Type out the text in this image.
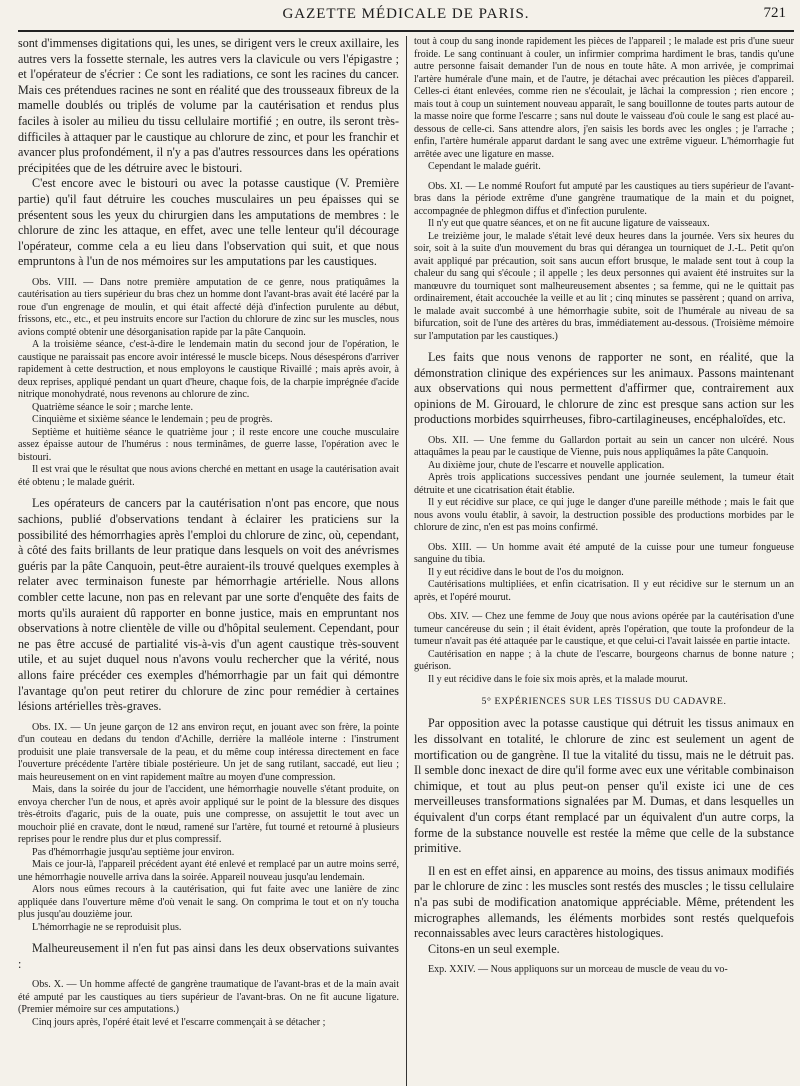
GAZETTE MÉDICALE DE PARIS.	721

sont d'immenses digitations qui, les unes, se dirigent vers le creux axillaire, les autres vers la fossette sternale, les autres vers la clavicule ou vers l'épigastre ; et l'opérateur de s'écrier : Ce sont les radiations, ce sont les racines du cancer. Mais ces prétendues racines ne sont en réalité que des trousseaux fibreux de la mamelle doublés ou triplés de volume par la cautérisation et rendus plus faciles à isoler au milieu du tissu cellulaire mortifié ; en outre, ils seront très-difficiles à attaquer par le caustique au chlorure de zinc, et pour les franchir et avancer plus profondément, il n'y a pas d'autres ressources dans les opérations précipitées que de les détruire avec le bistouri.

C'est encore avec le bistouri ou avec la potasse caustique (V. Première partie) qu'il faut détruire les couches musculaires un peu épaisses qui se présentent sous les yeux du chirurgien dans les amputations de membres : le chlorure de zinc les attaque, en effet, avec une telle lenteur qu'il décourage l'opérateur, comme cela a eu lieu dans l'observation qui suit, et que nous empruntons à l'un de nos mémoires sur les amputations par les caustiques.

Obs. VIII. — Dans notre première amputation de ce genre, nous pratiquâmes la cautérisation au tiers supérieur du bras chez un homme dont l'avant-bras avait été lacéré par la roue d'un engrenage de moulin, et qui était affecté déjà d'infection purulente au début, frissons, etc., etc., et peu instruits encore sur l'action du chlorure de zinc sur les muscles, nous avions compté obtenir une désorganisation rapide par la pâte Canquoin.

A la troisième séance, c'est-à-dire le lendemain matin du second jour de l'opération, le caustique ne paraissait pas encore avoir intéressé le muscle biceps. Nous désespérons d'arriver rapidement à cette destruction, et nous employons le caustique Rivaillé ; mais après avoir, à deux reprises, appliqué pendant un quart d'heure, chaque fois, de la charpie imprégnée d'acide nitrique monohydraté, nous revenons au chlorure de zinc.

Quatrième séance le soir ; marche lente.

Cinquième et sixième séance le lendemain ; peu de progrès.

Septième et huitième séance le quatrième jour ; il reste encore une couche musculaire assez épaisse autour de l'humérus : nous terminâmes, de guerre lasse, l'opération avec le bistouri.

Il est vrai que le résultat que nous avions cherché en mettant en usage la cautérisation avait été obtenu ; le malade guérit.

Les opérateurs de cancers par la cautérisation n'ont pas encore, que nous sachions, publié d'observations tendant à éclairer les praticiens sur la possibilité des hémorrhagies après l'emploi du chlorure de zinc, où, cependant, à côté des faits brillants de leur pratique dans lesquels on voit des anévrismes guéris par la pâte Canquoin, peut-être auraient-ils trouvé quelques exemples à relater avec terminaison funeste par hémorrhagie artérielle. Nous allons combler cette lacune, non pas en relevant par une sorte d'enquête des faits de morts qu'ils auraient dû rapporter en bonne justice, mais en empruntant nos observations à notre clientèle de ville ou d'hôpital seulement. Cependant, pour ne pas être accusé de partialité vis-à-vis d'un agent caustique très-souvent utile, et au sujet duquel nous n'avons voulu rechercher que la vérité, nous allons faire précéder ces exemples d'hémorrhagie par un fait qui démontre l'avantage qu'on peut retirer du chlorure de zinc pour remédier à certaines lésions artérielles très-graves.

Obs. IX. — Un jeune garçon de 12 ans environ reçut, en jouant avec son frère, la pointe d'un couteau en dedans du tendon d'Achille, derrière la malléole interne : l'instrument produisit une plaie transversale de la peau, et du même coup intéressa directement en face l'ouverture précédente l'artère tibiale postérieure. Un jet de sang rutilant, saccadé, eut lieu ; mais heureusement on en vint rapidement maître au moyen d'une compression.

Mais, dans la soirée du jour de l'accident, une hémorrhagie nouvelle s'étant produite, on envoya chercher l'un de nous, et après avoir appliqué sur le point de la blessure des disques très-étroits d'agaric, puis de la ouate, puis une compresse, on assujettit le tout avec un mouchoir plié en cravate, dont le nœud, ramené sur l'artère, fut tourné et retourné à plusieurs reprises pour le rendre plus dur et plus compressif.

Pas d'hémorrhagie jusqu'au septième jour environ.

Mais ce jour-là, l'appareil précédent ayant été enlevé et remplacé par un autre moins serré, une hémorrhagie nouvelle arriva dans la soirée. Appareil nouveau jusqu'au lendemain.

Alors nous eûmes recours à la cautérisation, qui fut faite avec une lanière de zinc appliquée dans l'ouverture même d'où venait le sang. On comprima le tout et on n'y toucha plus jusqu'au douzième jour.

L'hémorrhagie ne se reproduisit plus.

Malheureusement il n'en fut pas ainsi dans les deux observations suivantes :

Obs. X. — Un homme affecté de gangrène traumatique de l'avant-bras et de la main avait été amputé par les caustiques au tiers supérieur de l'avant-bras. On ne fit aucune ligature. (Premier mémoire sur ces amputations.)

Cinq jours après, l'opéré était levé et l'escarre commençait à se détacher ;

tout à coup du sang inonde rapidement les pièces de l'appareil ; le malade est pris d'une sueur froide. Le sang continuant à couler, un infirmier comprima hardiment le bras, tandis qu'une autre personne faisait demander l'un de nous en toute hâte. A mon arrivée, je comprimai l'artère humérale d'une main, et de l'autre, je détachai avec précaution les pièces d'appareil. Celles-ci étant enlevées, comme rien ne s'écoulait, je lâchai la compression ; rien encore ; mais tout à coup un suintement nouveau apparaît, le sang bouillonne de toutes parts autour de la masse noire que forme l'escarre ; sans nul doute le vaisseau d'où coule le sang est placé au-dessous de celle-ci. Sans attendre alors, j'en saisis les bords avec les ongles ; je l'arrache ; enfin, l'artère humérale apparut dardant le sang avec une extrême vigueur. L'hémorrhagie fut arrêtée avec une ligature en masse.

Cependant le malade guérit.

Obs. XI. — Le nommé Roufort fut amputé par les caustiques au tiers supérieur de l'avant-bras dans la période extrême d'une gangrène traumatique de la main et du poignet, accompagnée de phlegmon diffus et d'infection purulente.

Il n'y eut que quatre séances, et on ne fit aucune ligature de vaisseaux.

Le treizième jour, le malade s'était levé deux heures dans la journée. Vers six heures du soir, soit à la suite d'un mouvement du bras qui dérangea un tourniquet de J.-L. Petit qu'on avait appliqué par précaution, soit sans aucun effort brusque, le malade sent tout à coup la chaleur du sang qui s'écoule ; il appelle ; les deux personnes qui avaient été instruites sur la manœuvre du tourniquet sont malheureusement absentes ; sa femme, qui ne le quittait pas ordinairement, était accouchée la veille et au lit ; cinq minutes se passèrent ; quand on arriva, le malade avait succombé à une hémorrhagie subite, soit de l'humérale au niveau de sa bifurcation, soit de l'une des artères du bras, immédiatement au-dessous. (Troisième mémoire sur l'amputation par les caustiques.)

Les faits que nous venons de rapporter ne sont, en réalité, que la démonstration clinique des expériences sur les animaux. Passons maintenant aux observations qui nous permettent d'affirmer que, contrairement aux opinions de M. Girouard, le chlorure de zinc est presque sans action sur les productions morbides squirrheuses, fibro-cartilagineuses, encéphaloïdes, etc.

Obs. XII. — Une femme du Gallardon portait au sein un cancer non ulcéré. Nous attaquâmes la peau par le caustique de Vienne, puis nous appliquâmes la pâte Canquoin.

Au dixième jour, chute de l'escarre et nouvelle application.

Après trois applications successives pendant une journée seulement, la tumeur était détruite et une cicatrisation était établie.

Il y eut récidive sur place, ce qui juge le danger d'une pareille méthode ; mais le fait que nous avons voulu établir, à savoir, la destruction possible des productions morbides par le chlorure de zinc, n'en est pas moins confirmé.

Obs. XIII. — Un homme avait été amputé de la cuisse pour une tumeur fongueuse sanguine du tibia.

Il y eut récidive dans le bout de l'os du moignon.

Cautérisations multipliées, et enfin cicatrisation. Il y eut récidive sur le sternum un an après, et l'opéré mourut.

Obs. XIV. — Chez une femme de Jouy que nous avions opérée par la cautérisation d'une tumeur cancéreuse du sein ; il était évident, après l'opération, que toute la profondeur de la tumeur n'avait pas été attaquée par le caustique, et que celui-ci l'avait laissée en partie intacte.

Cautérisation en nappe ; à la chute de l'escarre, bourgeons charnus de bonne nature ; guérison.

Il y eut récidive dans le foie six mois après, et la malade mourut.

5° EXPÉRIENCES SUR LES TISSUS DU CADAVRE.

Par opposition avec la potasse caustique qui détruit les tissus animaux en les dissolvant en totalité, le chlorure de zinc est seulement un agent de mortification ou de gangrène. Il tue la vitalité du tissu, mais ne le détruit pas. Il semble donc inexact de dire qu'il forme avec eux une véritable combinaison chimique, et tout au plus peut-on penser qu'il existe ici une de ces merveilleuses transformations signalées par M. Dumas, et dans lesquelles un équivalent d'un corps étant remplacé par un équivalent d'un autre corps, la forme de la substance nouvelle est restée la même que celle de la substance primitive.

Il en est en effet ainsi, en apparence au moins, des tissus animaux modifiés par le chlorure de zinc : les muscles sont restés des muscles ; le tissu cellulaire n'a pas subi de modification anatomique appréciable. Même, prétendent les micrographes allemands, les éléments morbides sont restés quelquefois reconnaissables avec leurs caractères histologiques.

Citons-en un seul exemple.

Exp. XXIV. — Nous appliquons sur un morceau de muscle de veau du vo-
